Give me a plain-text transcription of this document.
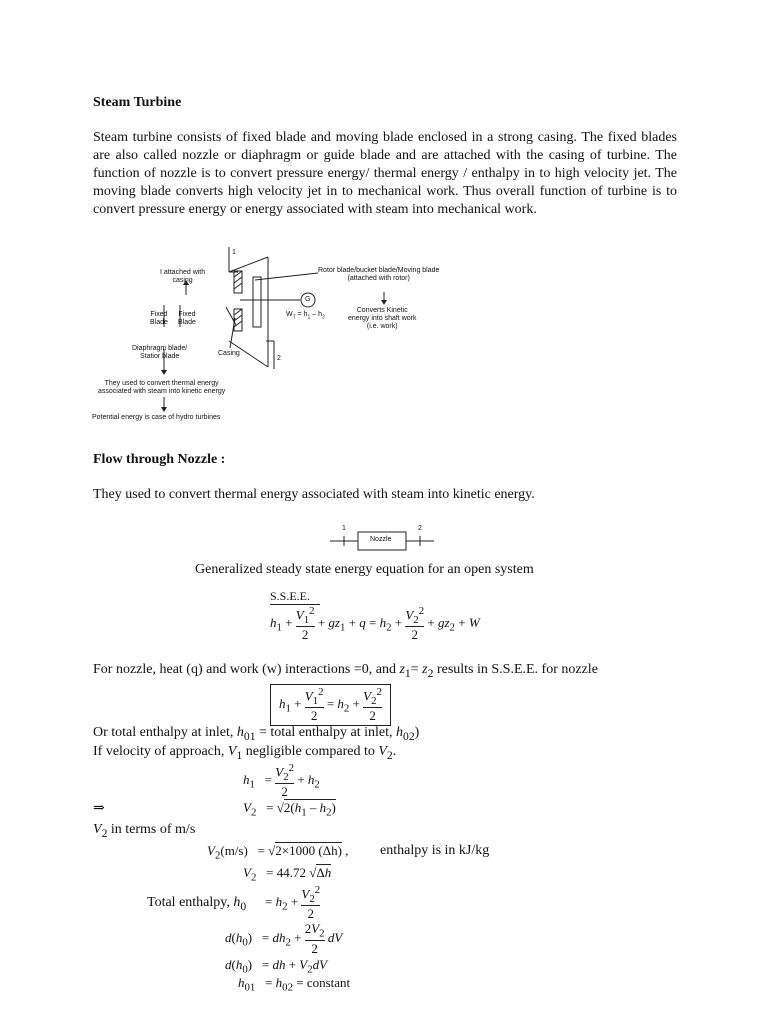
Steam Turbine
Steam turbine consists of fixed blade and moving blade enclosed in a strong casing. The fixed blades are also called nozzle or diaphragm or guide blade and are attached with the casing of turbine. The function of nozzle is to convert pressure energy/ thermal energy / enthalpy in to high velocity jet. The moving blade converts high velocity jet in to mechanical work. Thus overall function of turbine is to convert pressure energy or energy associated with steam into mechanical work.
I attached with
casing
Fixed
Blade
Fixed
Blade
Diaphragm blade/
Statior blade	Casing
Rotor blade/bucket blade/Moving blade
(attached with rotor)
Converts Kinetic
energy into shaft work
(i.e. work)
$W_T = h_1 - h_2$
They used to convert thermal energy
associated with steam into kinetic energy
Potential energy is case of hydro turbines
G
1
2
Flow through Nozzle :
They used to convert thermal energy associated with steam into kinetic energy.
Nozzle
1	2
Generalized steady state energy equation for an open system
S.S.E.E.
$h_1 + V_1^2$

2
+ $gz_1 + q = h_2 + V_2^2$

2
+ $gz_2 + W$
For nozzle, heat (q) and work (w) interactions =0, and $z_1= z_2$ results in S.S.E.E. for nozzle
$h_1 + V_1^2$

2
= $h_2 + V_2^2$

2
Or total enthalpy at inlet, $h_{01}$ = total enthalpy at inlet, $h_{02}$)
If velocity of approach, $V_1$ negligible compared to $V_2$.
$h_1 = V_2^2$

2
+ $h_2$
⇒	$V_2 = √2(h_1 - h_2)$
$V_2$ in terms of m/s
$V_2(m/s) = √2\times 1000$ (Δh) , enthalpy is in kJ/kg
$V_2 = 44.72$ √Δh
Total enthalpy, $h_0 = h_2 + V_2^2$

2
$d(h_0) = dh_2 + 2V_2$

2
dV
$d(h_0)$   = dh + $V_2dV$
$h_{01} = h_{02}$ = constant
